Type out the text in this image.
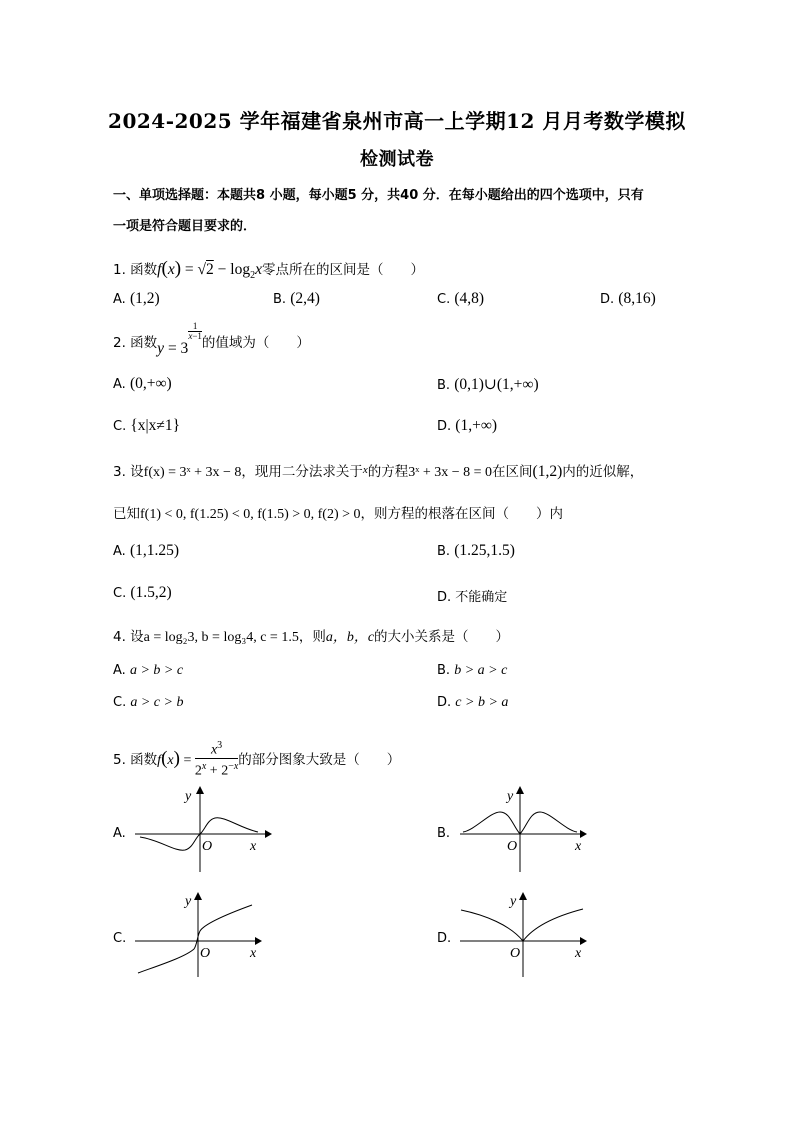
2024-2025 学年福建省泉州市高一上学期12 月月考数学模拟
检测试卷
一、单项选择题：本题共8 小题，每小题5 分，共40 分．在每小题给出的四个选项中，只有
一项是符合题目要求的．
1. 函数$f(x) = √2 - \log_2x$零点所在的区间是（　　）
A. (1,2)	B. (2,4)	C. (4,8)	D. (8,16)
2. 函数y = 3
$\frac{1}{x-1}$
的值域为（　　）
A. (0,+∞)	B. (0,1)∪(1,+∞)
C. {x|x≠1}	D. (1,+∞)
3. 设f(x) = 3ˣ + 3x − 8，现用二分法求关于$^x$的方程3ˣ + 3x − 8 = 0在区间(1,2)内的近似解，
已知f(1) < 0, f(1.25) < 0, f(1.5) > 0, f(2) > 0，则方程的根落在区间（　　）内
A. (1,1.25)	B. (1.25,1.5)
C. (1.5,2)	D. 不能确定
4. 设a = log₂3, b = log₃4, c = 1.5，则a，b，c的大小关系是（　　）
A. a > b > c	B. b > a > c
C. a > c > b	D. c > b > a
5. 函数$f(x) = \frac{x^3}{2^x + 2^{-x}}$ 的部分图象大致是（　　）
A.
x
y
O
B.
x
y
O
C.
x
y
O
D.
x
y
O
